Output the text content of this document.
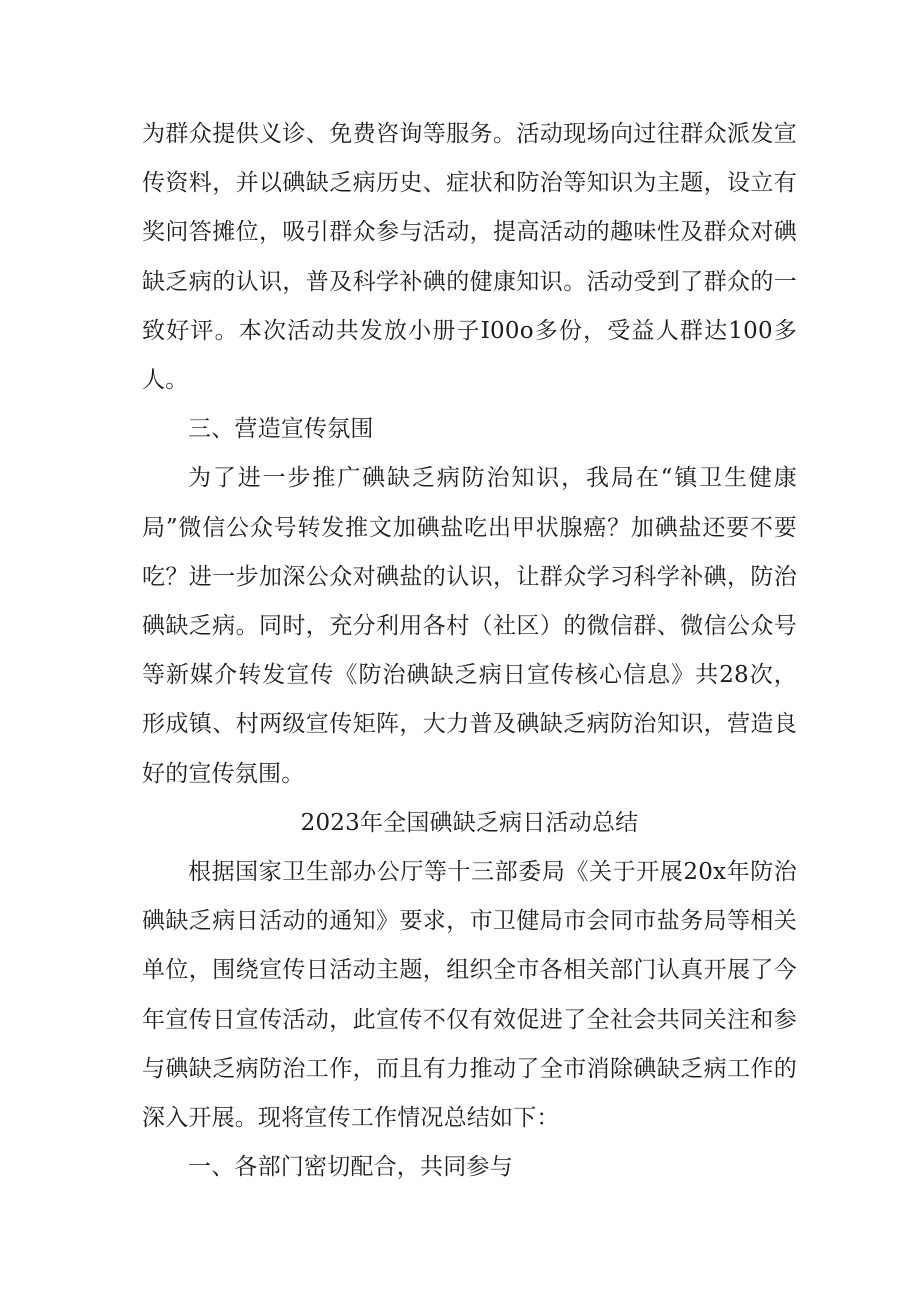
为群众提供义诊、免费咨询等服务。活动现场向过往群众派发宣传资料，并以碘缺乏病历史、症状和防治等知识为主题，设立有奖问答摊位，吸引群众参与活动，提高活动的趣味性及群众对碘缺乏病的认识，普及科学补碘的健康知识。活动受到了群众的一致好评。本次活动共发放小册子I00o多份，受益人群达100多人。

三、营造宣传氛围

为了进一步推广碘缺乏病防治知识，我局在“镇卫生健康局”微信公众号转发推文加碘盐吃出甲状腺癌？加碘盐还要不要吃？进一步加深公众对碘盐的认识，让群众学习科学补碘，防治碘缺乏病。同时，充分利用各村（社区）的微信群、微信公众号等新媒介转发宣传《防治碘缺乏病日宣传核心信息》共28次，形成镇、村两级宣传矩阵，大力普及碘缺乏病防治知识，营造良好的宣传氛围。

2023年全国碘缺乏病日活动总结

根据国家卫生部办公厅等十三部委局《关于开展20x年防治碘缺乏病日活动的通知》要求，市卫健局市会同市盐务局等相关单位，围绕宣传日活动主题，组织全市各相关部门认真开展了今年宣传日宣传活动，此宣传不仅有效促进了全社会共同关注和参与碘缺乏病防治工作，而且有力推动了全市消除碘缺乏病工作的深入开展。现将宣传工作情况总结如下：

一、各部门密切配合，共同参与
